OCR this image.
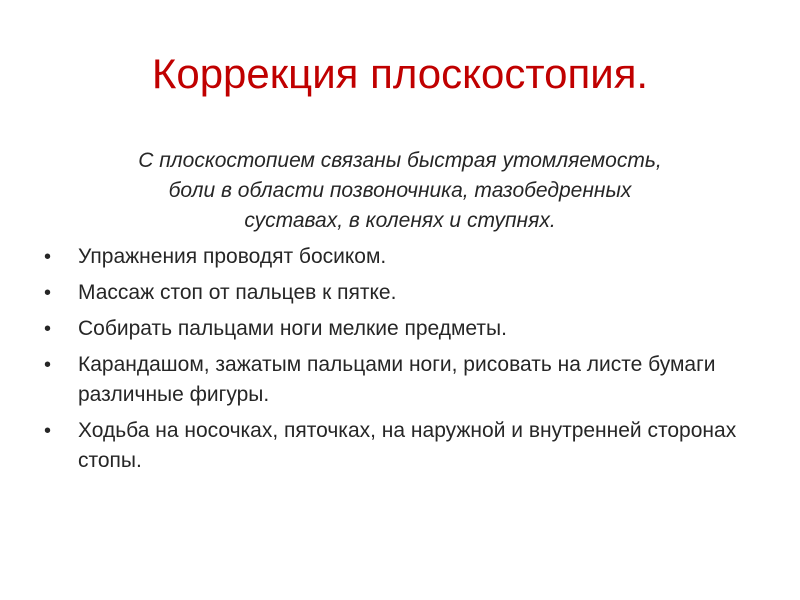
Коррекция плоскостопия.

С плоскостопием связаны быстрая утомляемость,
боли в области позвоночника, тазобедренных
суставах, в коленях и ступнях.

•	Упражнения проводят босиком.
•	Массаж стоп от пальцев к пятке.
•	Собирать пальцами ноги мелкие предметы.
•	Карандашом, зажатым пальцами ноги, рисовать на листе бумаги различные фигуры.
•	Ходьба на носочках, пяточках, на наружной и внутренней сторонах стопы.
